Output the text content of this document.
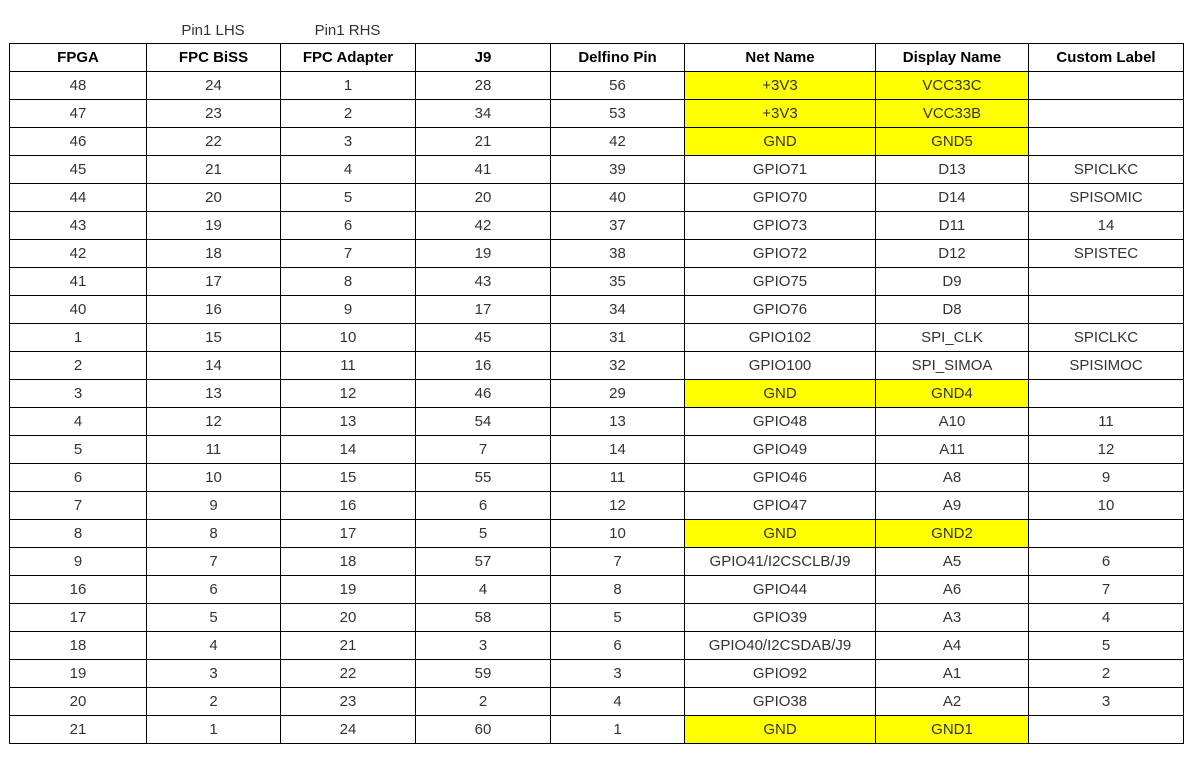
Pin1 LHS	Pin1 RHS
FPGA	FPC BiSS	FPC Adapter	J9	Delfino Pin	Net Name	Display Name	Custom Label
48	24	1	28	56	+3V3	VCC33C	
47	23	2	34	53	+3V3	VCC33B	
46	22	3	21	42	GND	GND5	
45	21	4	41	39	GPIO71	D13	SPICLKC
44	20	5	20	40	GPIO70	D14	SPISOMIC
43	19	6	42	37	GPIO73	D11	14
42	18	7	19	38	GPIO72	D12	SPISTEC
41	17	8	43	35	GPIO75	D9	
40	16	9	17	34	GPIO76	D8	
1	15	10	45	31	GPIO102	SPI_CLK	SPICLKC
2	14	11	16	32	GPIO100	SPI_SIMOA	SPISIMOC
3	13	12	46	29	GND	GND4	
4	12	13	54	13	GPIO48	A10	11
5	11	14	7	14	GPIO49	A11	12
6	10	15	55	11	GPIO46	A8	9
7	9	16	6	12	GPIO47	A9	10
8	8	17	5	10	GND	GND2	
9	7	18	57	7	GPIO41/I2CSCLB/J9	A5	6
16	6	19	4	8	GPIO44	A6	7
17	5	20	58	5	GPIO39	A3	4
18	4	21	3	6	GPIO40/I2CSDAB/J9	A4	5
19	3	22	59	3	GPIO92	A1	2
20	2	23	2	4	GPIO38	A2	3
21	1	24	60	1	GND	GND1	
